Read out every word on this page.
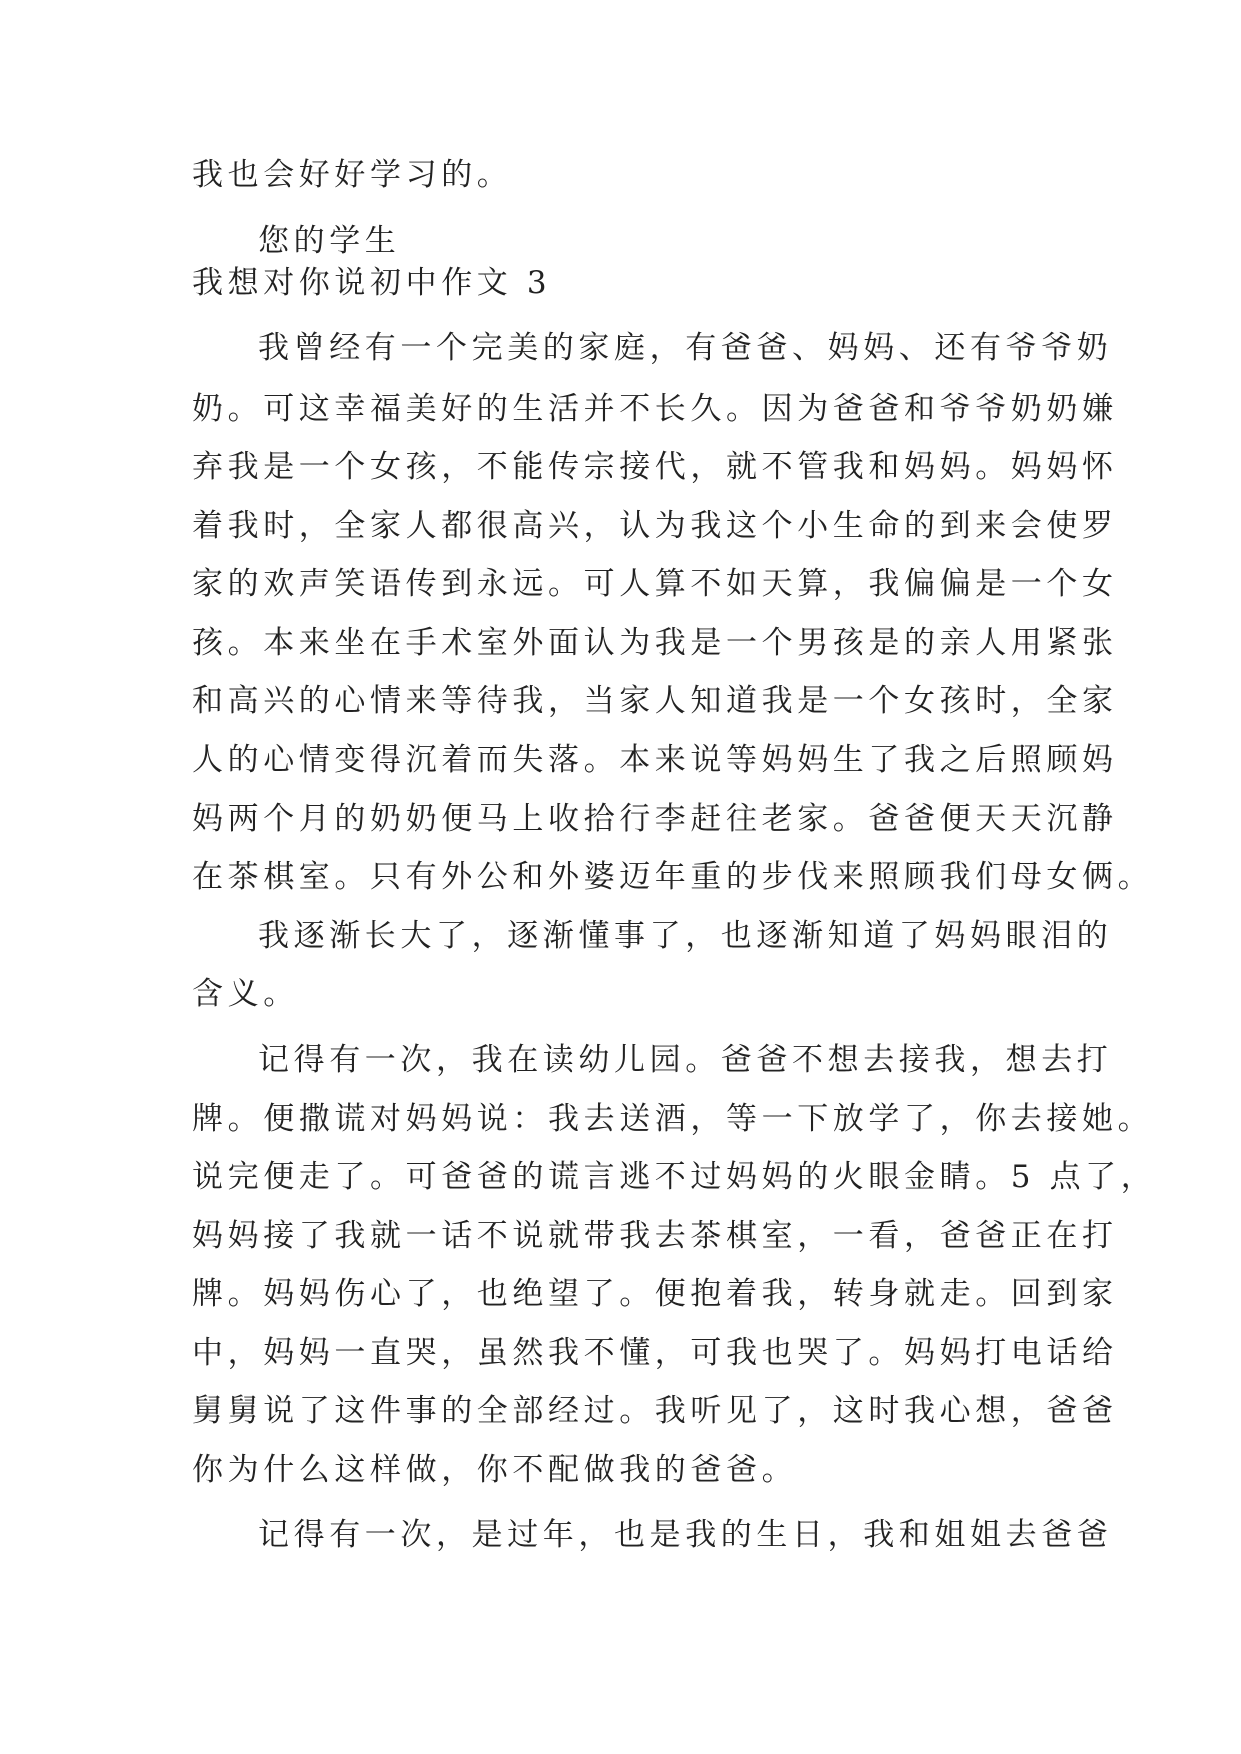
我也会好好学习的。
您的学生
我想对你说初中作文 3
我曾经有一个完美的家庭，有爸爸、妈妈、还有爷爷奶
奶。可这幸福美好的生活并不长久。因为爸爸和爷爷奶奶嫌
弃我是一个女孩，不能传宗接代，就不管我和妈妈。妈妈怀
着我时，全家人都很高兴，认为我这个小生命的到来会使罗
家的欢声笑语传到永远。可人算不如天算，我偏偏是一个女
孩。本来坐在手术室外面认为我是一个男孩是的亲人用紧张
和高兴的心情来等待我，当家人知道我是一个女孩时，全家
人的心情变得沉着而失落。本来说等妈妈生了我之后照顾妈
妈两个月的奶奶便马上收拾行李赶往老家。爸爸便天天沉静
在茶棋室。只有外公和外婆迈年重的步伐来照顾我们母女俩。
我逐渐长大了，逐渐懂事了，也逐渐知道了妈妈眼泪的
含义。
记得有一次，我在读幼儿园。爸爸不想去接我，想去打
牌。便撒谎对妈妈说：我去送酒，等一下放学了，你去接她。
说完便走了。可爸爸的谎言逃不过妈妈的火眼金睛。5 点了，
妈妈接了我就一话不说就带我去茶棋室，一看，爸爸正在打
牌。妈妈伤心了，也绝望了。便抱着我，转身就走。回到家
中，妈妈一直哭，虽然我不懂，可我也哭了。妈妈打电话给
舅舅说了这件事的全部经过。我听见了，这时我心想，爸爸
你为什么这样做，你不配做我的爸爸。
记得有一次，是过年，也是我的生日，我和姐姐去爸爸
